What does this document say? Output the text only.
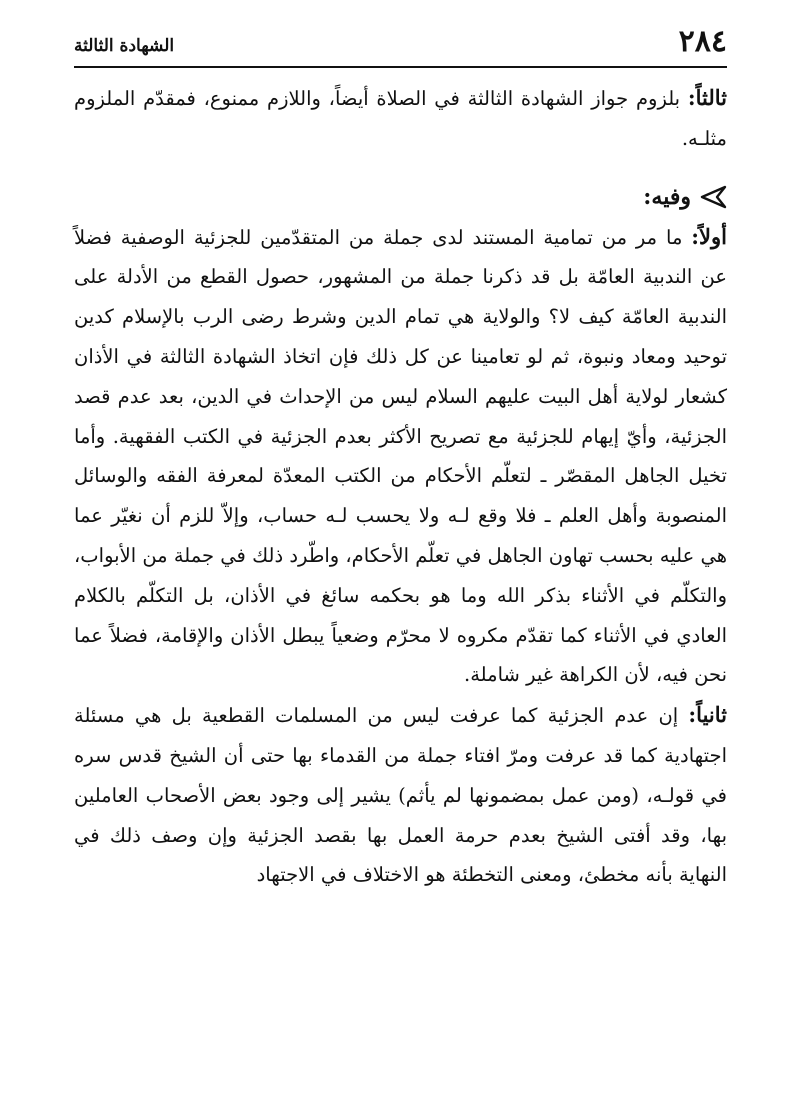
٢٨٤
الشهادة الثالثة

ثالثاً: بلزوم جواز الشهادة الثالثة في الصلاة أيضاً، واللازم ممنوع، فمقدّم الملزوم مثلـه.

وفيه:

أولاً: ما مر من تمامية المستند لدى جملة من المتقدّمين للجزئية الوصفية فضلاً عن الندبية العامّة بل قد ذكرنا جملة من المشهور، حصول القطع من الأدلة على الندبية العامّة كيف لا؟ والولاية هي تمام الدين وشرط رضى الرب بالإسلام كدين توحيد ومعاد ونبوة، ثم لو تعامينا عن كل ذلك فإن اتخاذ الشهادة الثالثة في الأذان كشعار لولاية أهل البيت عليهم السلام ليس من الإحداث في الدين، بعد عدم قصد الجزئية، وأيّ إيهام للجزئية مع تصريح الأكثر بعدم الجزئية في الكتب الفقهية. وأما تخيل الجاهل المقصّر ـ لتعلّم الأحكام من الكتب المعدّة لمعرفة الفقه والوسائل المنصوبة وأهل العلم ـ فلا وقع لـه ولا يحسب لـه حساب، وإلاّ للزم أن نغيّر عما هي عليه بحسب تهاون الجاهل في تعلّم الأحكام، واطّرد ذلك في جملة من الأبواب، والتكلّم في الأثناء بذكر الله وما هو بحكمه سائغ في الأذان، بل التكلّم بالكلام العادي في الأثناء كما تقدّم مكروه لا محرّم وضعياً يبطل الأذان والإقامة، فضلاً عما نحن فيه، لأن الكراهة غير شاملة.

ثانياً: إن عدم الجزئية كما عرفت ليس من المسلمات القطعية بل هي مسئلة اجتهادية كما قد عرفت ومرّ افتاء جملة من القدماء بها حتى أن الشيخ قدس سره في قولـه، (ومن عمل بمضمونها لم يأثم) يشير إلى وجود بعض الأصحاب العاملين بها، وقد أفتى الشيخ بعدم حرمة العمل بها بقصد الجزئية وإن وصف ذلك في النهاية بأنه مخطئ، ومعنى التخطئة هو الاختلاف في الاجتهاد
